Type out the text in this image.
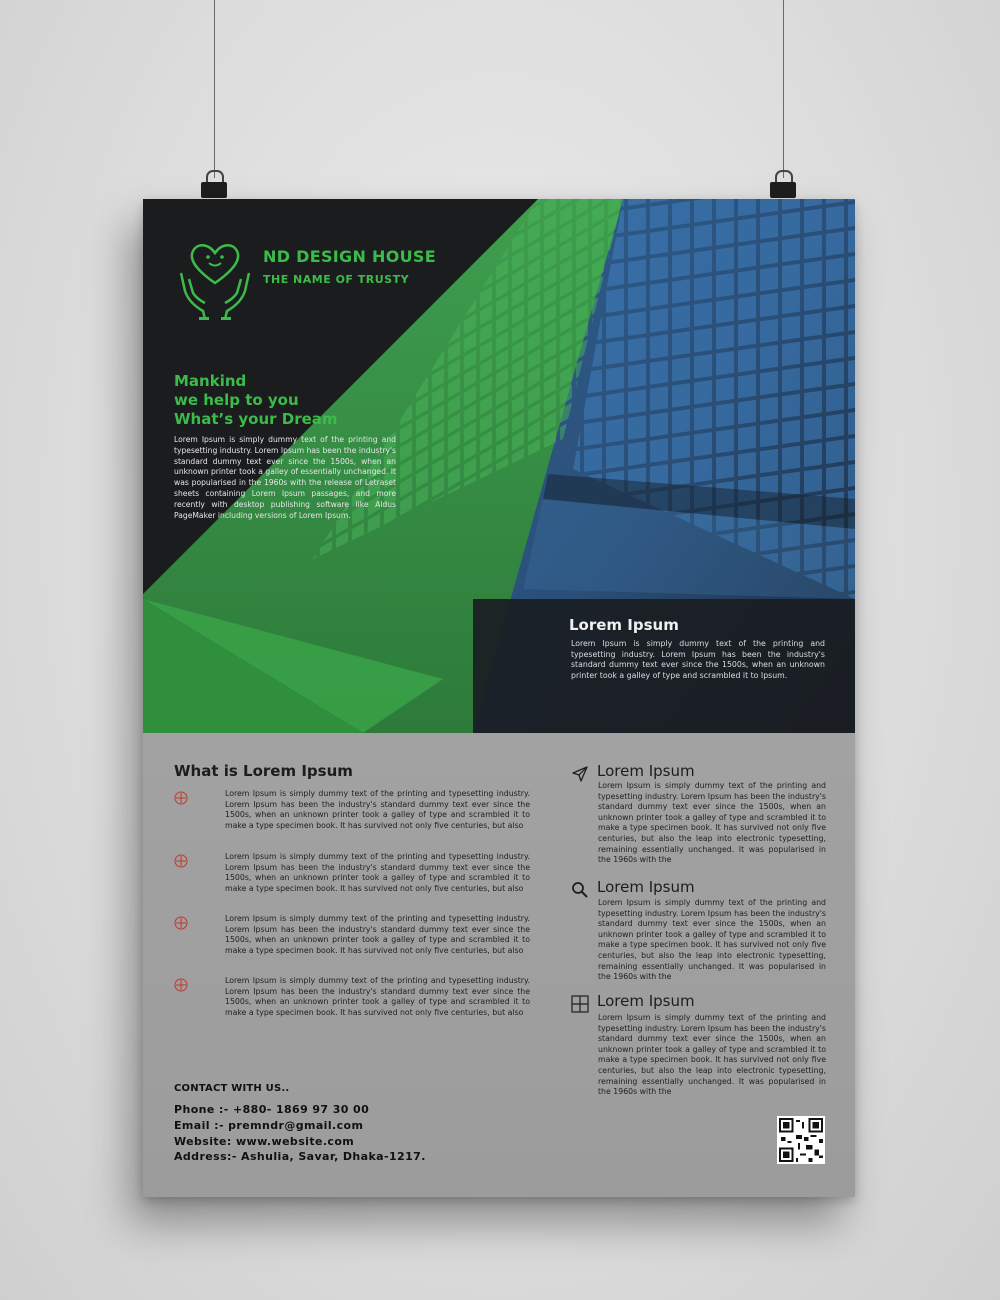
ND DESIGN HOUSE
THE NAME OF TRUSTY
Mankind
we help to you
What’s your Dream
Lorem Ipsum is simply dummy text of the printing and typesetting industry. Lorem Ipsum has been the industry's standard dummy text ever since the 1500s, when an unknown printer took a galley of essentially unchanged. It was popularised in the 1960s with the release of Letraset sheets containing Lorem Ipsum passages, and more recently with desktop publishing software like Aldus PageMaker including versions of Lorem Ipsum.
Lorem Ipsum
Lorem Ipsum is simply dummy text of the printing and typesetting industry. Lorem Ipsum has been the industry's standard dummy text ever since the 1500s, when an unknown printer took a galley of type and scrambled it to Ipsum.
What is Lorem Ipsum
Lorem Ipsum is simply dummy text of the printing and typesetting industry. Lorem Ipsum has been the industry's standard dummy text ever since the 1500s, when an unknown printer took a galley of type and scrambled it to make a type specimen book. It has survived not only five centuries, but also
Lorem Ipsum is simply dummy text of the printing and typesetting industry. Lorem Ipsum has been the industry's standard dummy text ever since the 1500s, when an unknown printer took a galley of type and scrambled it to make a type specimen book. It has survived not only five centuries, but also
Lorem Ipsum is simply dummy text of the printing and typesetting industry. Lorem Ipsum has been the industry's standard dummy text ever since the 1500s, when an unknown printer took a galley of type and scrambled it to make a type specimen book. It has survived not only five centuries, but also
Lorem Ipsum is simply dummy text of the printing and typesetting industry. Lorem Ipsum has been the industry's standard dummy text ever since the 1500s, when an unknown printer took a galley of type and scrambled it to make a type specimen book. It has survived not only five centuries, but also
CONTACT WITH US..
Phone :- +880- 1869 97 30 00
Email :- premndr@gmail.com
Website: www.website.com
Address:- Ashulia, Savar, Dhaka-1217.
Lorem Ipsum
Lorem Ipsum is simply dummy text of the printing and typesetting industry. Lorem Ipsum has been the industry's standard dummy text ever since the 1500s, when an unknown printer took a galley of type and scrambled it to make a type specimen book. It has survived not only five centuries, but also the leap into electronic typesetting, remaining essentially unchanged. It was popularised in the 1960s with the
Lorem Ipsum
Lorem Ipsum is simply dummy text of the printing and typesetting industry. Lorem Ipsum has been the industry's standard dummy text ever since the 1500s, when an unknown printer took a galley of type and scrambled it to make a type specimen book. It has survived not only five centuries, but also the leap into electronic typesetting, remaining essentially unchanged. It was popularised in the 1960s with the
Lorem Ipsum
Lorem Ipsum is simply dummy text of the printing and typesetting industry. Lorem Ipsum has been the industry's standard dummy text ever since the 1500s, when an unknown printer took a galley of type and scrambled it to make a type specimen book. It has survived not only five centuries, but also the leap into electronic typesetting, remaining essentially unchanged. It was popularised in the 1960s with the
